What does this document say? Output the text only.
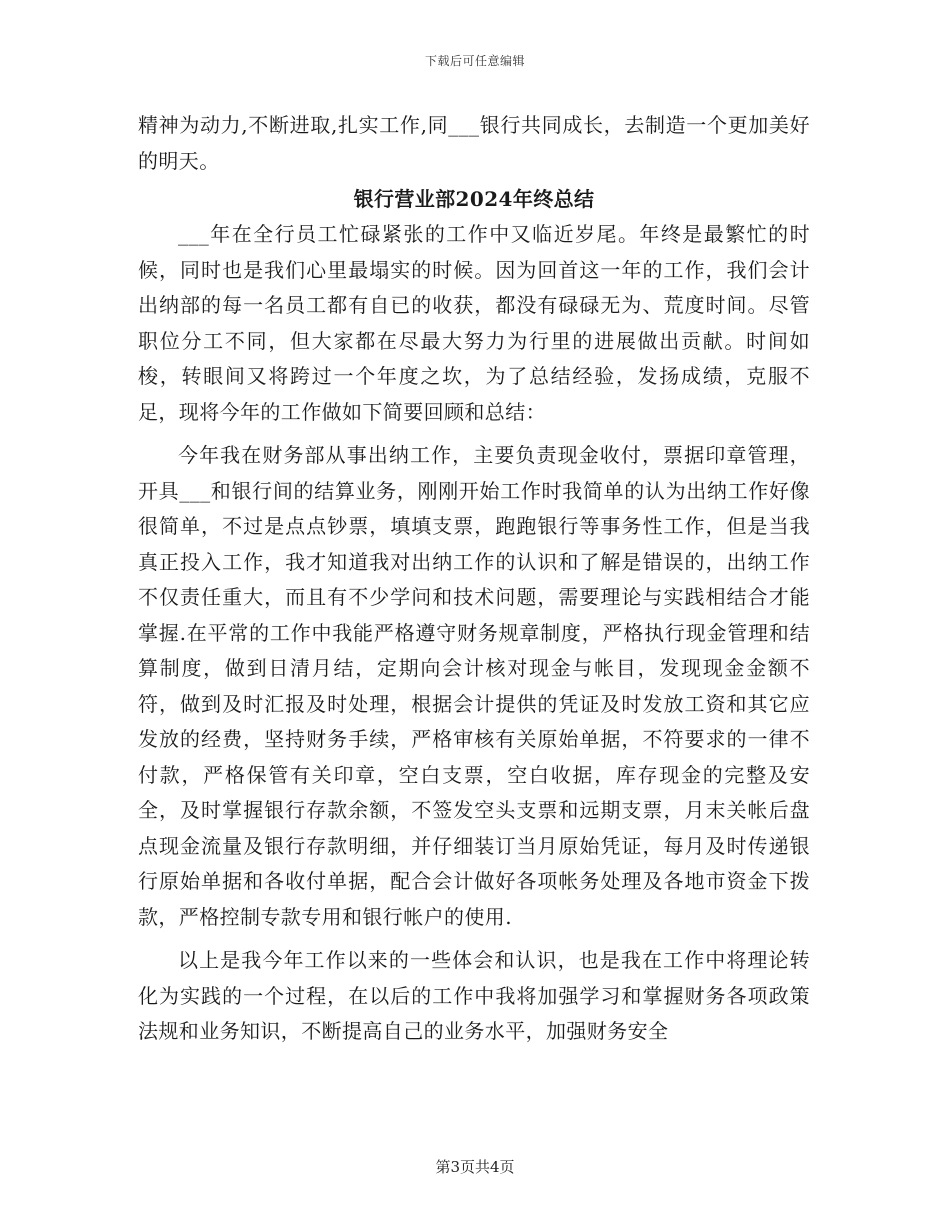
下载后可任意编辑

精神为动力,不断进取,扎实工作,同___银行共同成长，去制造一个更加美好的明天。

银行营业部2024年终总结

___年在全行员工忙碌紧张的工作中又临近岁尾。年终是最繁忙的时候，同时也是我们心里最塌实的时候。因为回首这一年的工作，我们会计出纳部的每一名员工都有自已的收获，都没有碌碌无为、荒度时间。尽管职位分工不同，但大家都在尽最大努力为行里的进展做出贡献。时间如梭，转眼间又将跨过一个年度之坎，为了总结经验，发扬成绩，克服不足，现将今年的工作做如下简要回顾和总结：

今年我在财务部从事出纳工作，主要负责现金收付，票据印章管理，开具___和银行间的结算业务，刚刚开始工作时我简单的认为出纳工作好像很简单，不过是点点钞票，填填支票，跑跑银行等事务性工作，但是当我真正投入工作，我才知道我对出纳工作的认识和了解是错误的，出纳工作不仅责任重大，而且有不少学问和技术问题，需要理论与实践相结合才能掌握.在平常的工作中我能严格遵守财务规章制度，严格执行现金管理和结算制度，做到日清月结，定期向会计核对现金与帐目，发现现金金额不符，做到及时汇报及时处理，根据会计提供的凭证及时发放工资和其它应发放的经费，坚持财务手续，严格审核有关原始单据，不符要求的一律不付款，严格保管有关印章，空白支票，空白收据，库存现金的完整及安全，及时掌握银行存款余额，不签发空头支票和远期支票，月末关帐后盘点现金流量及银行存款明细，并仔细装订当月原始凭证，每月及时传递银行原始单据和各收付单据，配合会计做好各项帐务处理及各地市资金下拨款，严格控制专款专用和银行帐户的使用.

以上是我今年工作以来的一些体会和认识，也是我在工作中将理论转化为实践的一个过程，在以后的工作中我将加强学习和掌握财务各项政策法规和业务知识，不断提高自己的业务水平，加强财务安全

第3页共4页
